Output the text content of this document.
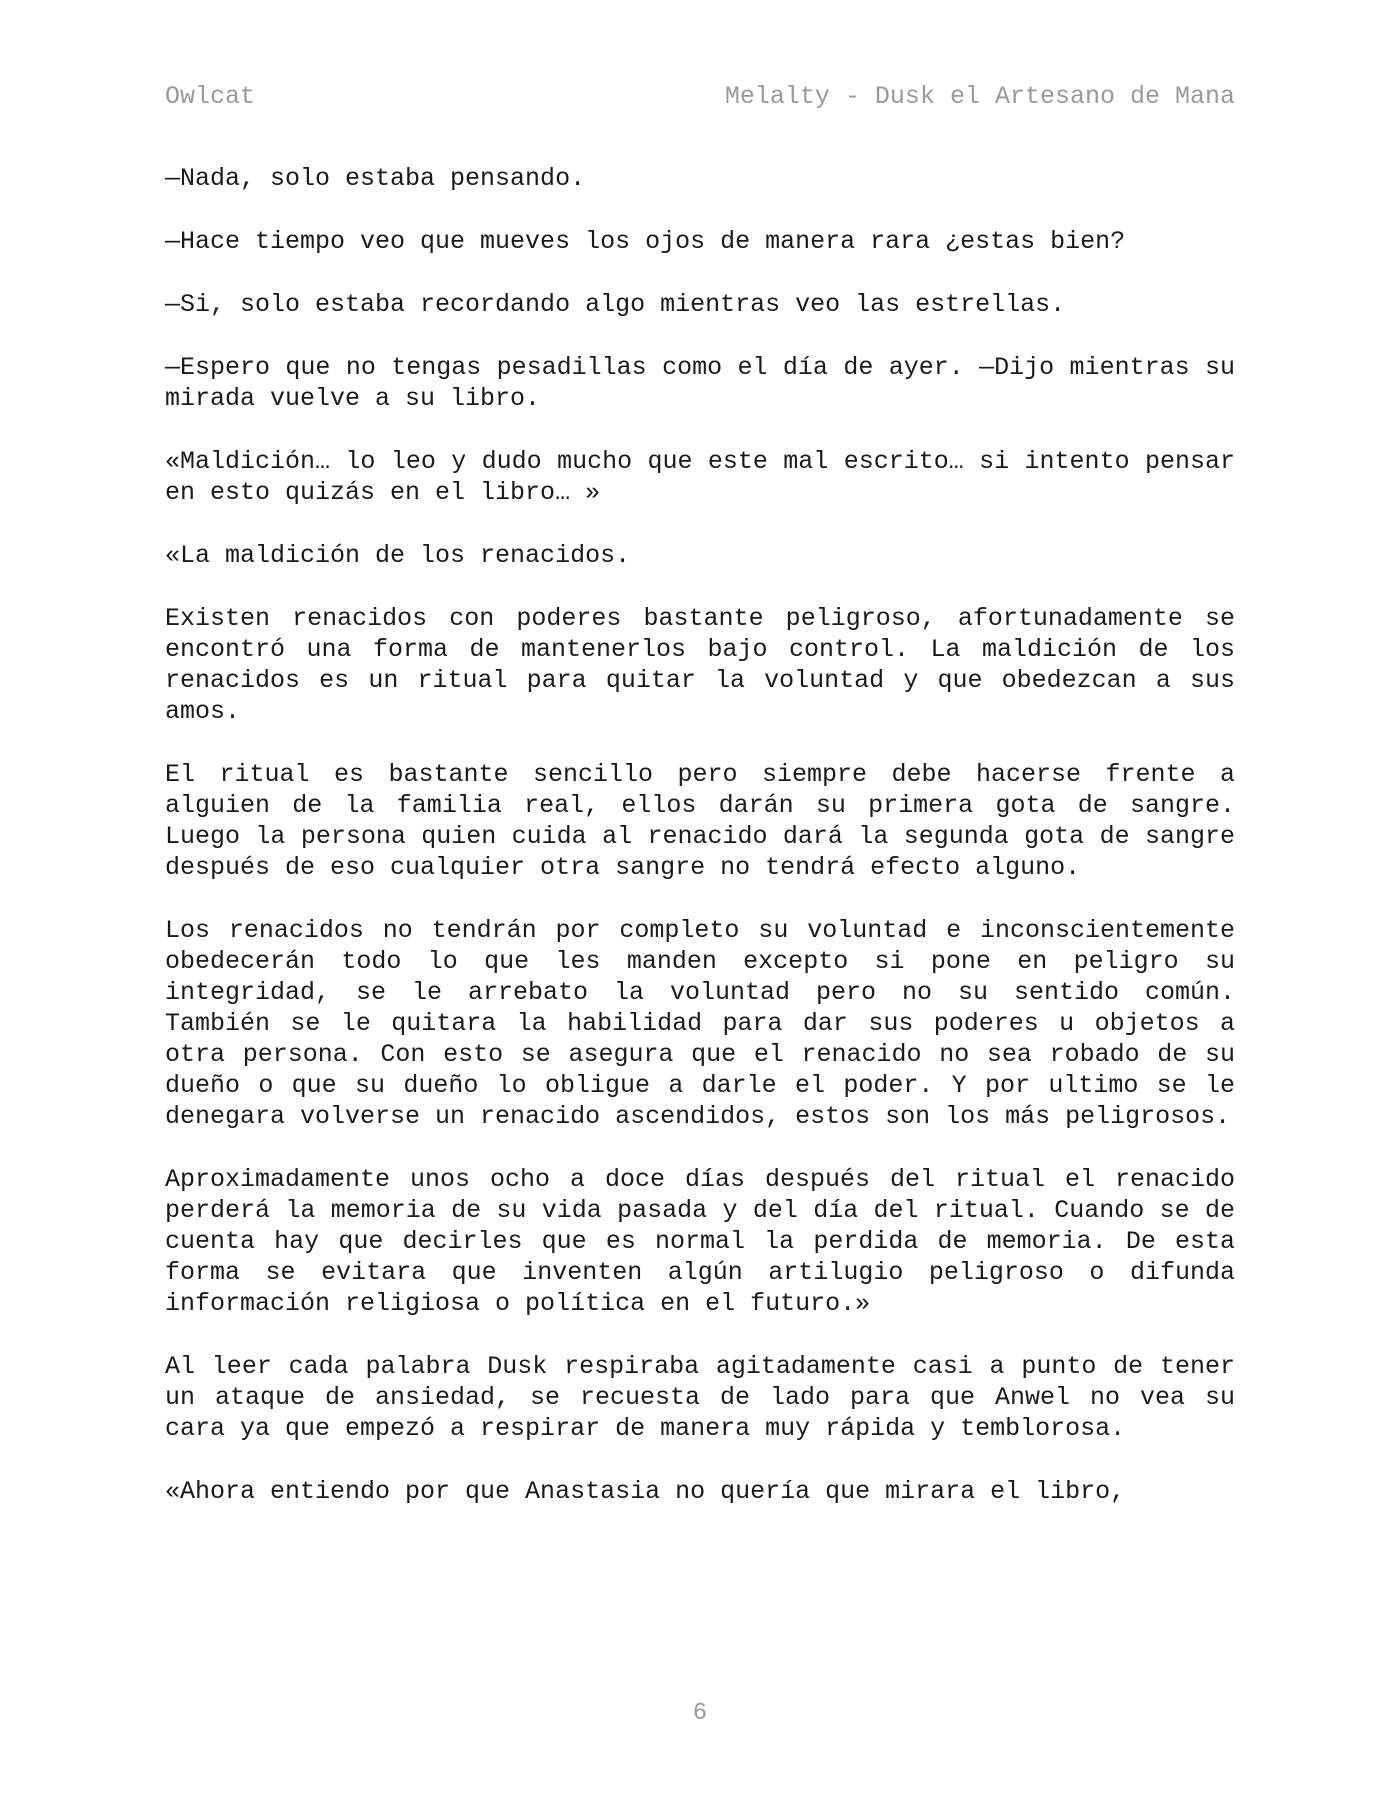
Owlcat	Melalty - Dusk el Artesano de Mana

—Nada, solo estaba pensando.

—Hace tiempo veo que mueves los ojos de manera rara ¿estas bien?

—Si, solo estaba recordando algo mientras veo las estrellas.

—Espero que no tengas pesadillas como el día de ayer. —Dijo mientras su mirada vuelve a su libro.

«Maldición… lo leo y dudo mucho que este mal escrito… si intento pensar en esto quizás en el libro… »

«La maldición de los renacidos.

Existen renacidos con poderes bastante peligroso, afortunadamente se encontró una forma de mantenerlos bajo control. La maldición de los renacidos es un ritual para quitar la voluntad y que obedezcan a sus amos.

El ritual es bastante sencillo pero siempre debe hacerse frente a alguien de la familia real, ellos darán su primera gota de sangre. Luego la persona quien cuida al renacido dará la segunda gota de sangre después de eso cualquier otra sangre no tendrá efecto alguno.

Los renacidos no tendrán por completo su voluntad e inconscientemente obedecerán todo lo que les manden excepto si pone en peligro su integridad, se le arrebato la voluntad pero no su sentido común. También se le quitara la habilidad para dar sus poderes u objetos a otra persona. Con esto se asegura que el renacido no sea robado de su dueño o que su dueño lo obligue a darle el poder. Y por ultimo se le denegara volverse un renacido ascendidos, estos son los más peligrosos.

Aproximadamente unos ocho a doce días después del ritual el renacido perderá la memoria de su vida pasada y del día del ritual. Cuando se de cuenta hay que decirles que es normal la perdida de memoria. De esta forma se evitara que inventen algún artilugio peligroso o difunda información religiosa o política en el futuro.»

Al leer cada palabra Dusk respiraba agitadamente casi a punto de tener un ataque de ansiedad, se recuesta de lado para que Anwel no vea su cara ya que empezó a respirar de manera muy rápida y temblorosa.

«Ahora entiendo por que Anastasia no quería que mirara el libro,

6
